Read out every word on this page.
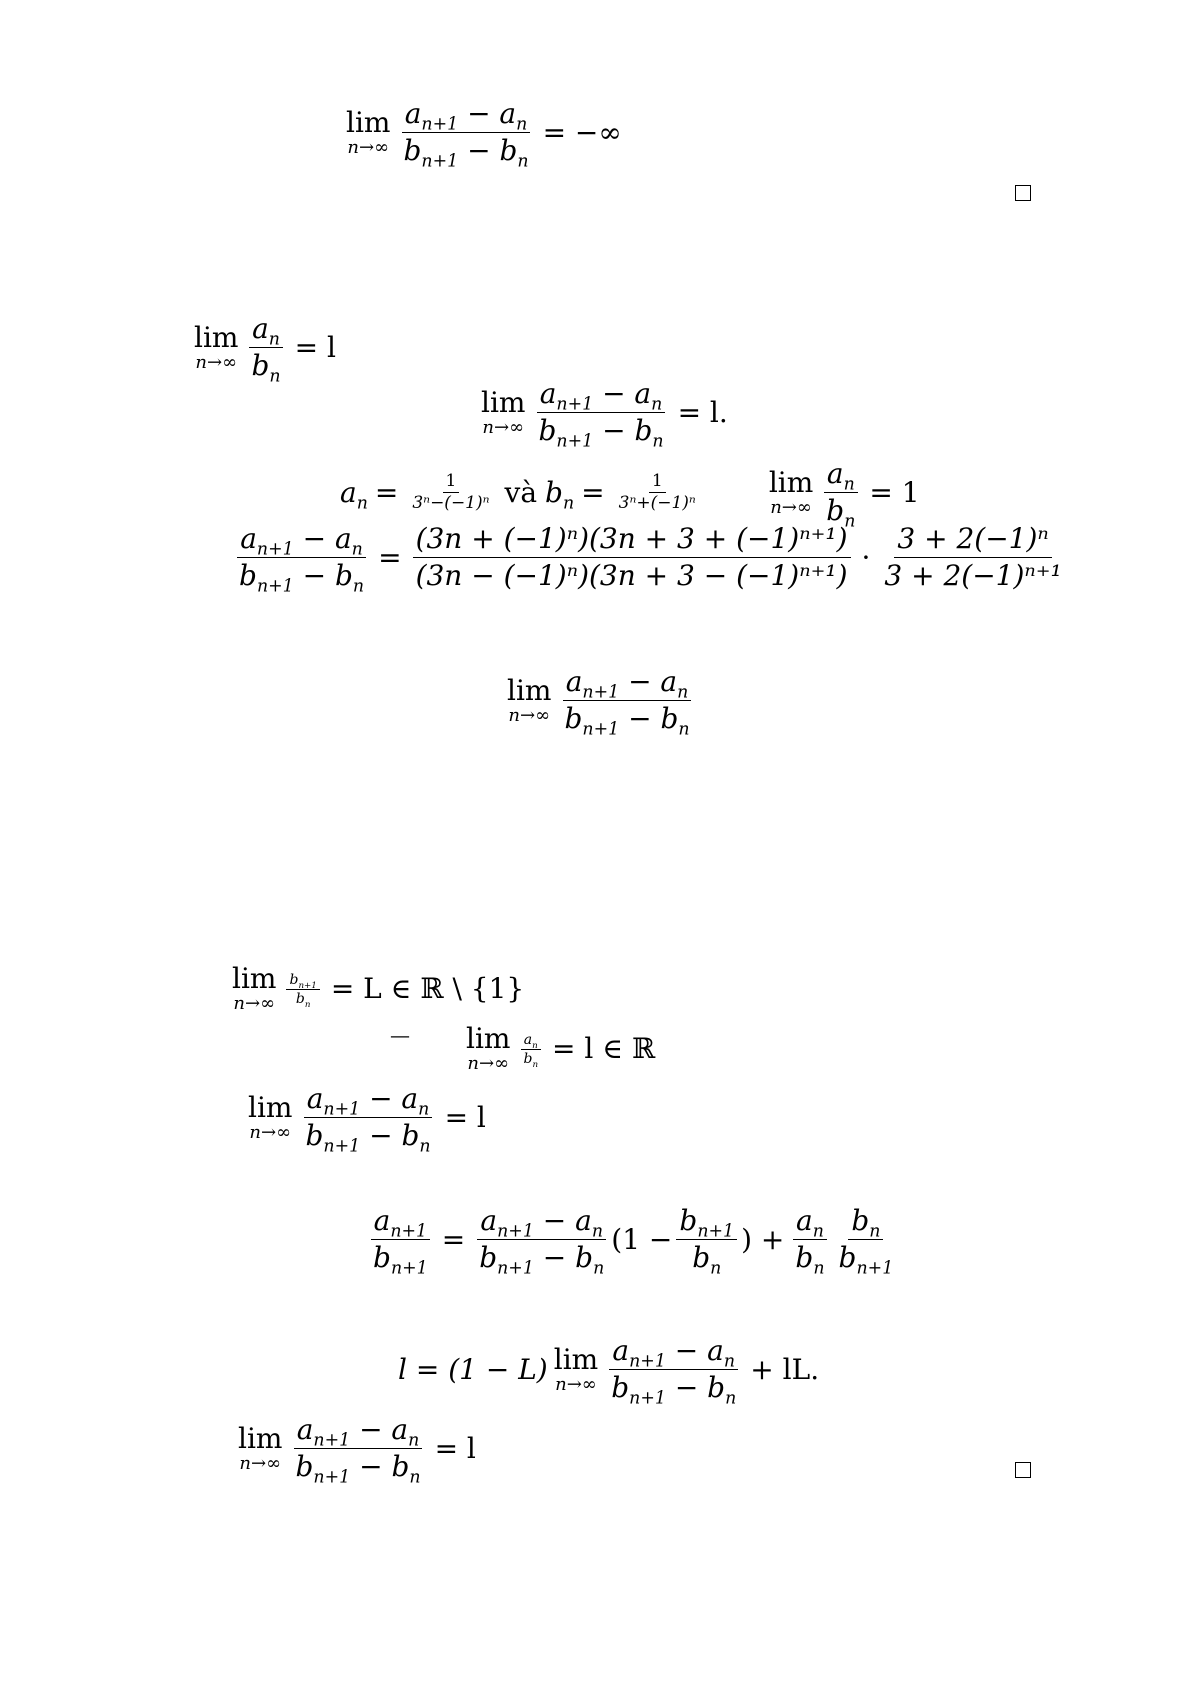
lim
$n\to\infty \frac{a_{n+1} - a_n}{b_{n+1} - b_n}$ = −∞
lim
$n\to\infty \frac{a_n}{b_n} = l$
lim
$n\to\infty \frac{a_{n+1} - a_n}{b_{n+1} - b_n} = l$.
$a_n = \frac{1}{\text{3ⁿ−(−1)ⁿ}}$ và $b_n = \frac{1}{\text{3ⁿ+(−1)ⁿ}}$	lim
$n\to\infty \frac{a_n}{b_n} = 1$
$\frac{a_{n+1} - a_n}{b_{n+1} - b_n} = \frac{\text{(3n + (−1)ⁿ)(3n + 3 + (−1)ⁿ⁺¹)}}{\text{(3n − (−1)ⁿ)(3n + 3 − (−1)ⁿ⁺¹)}} \cdot \frac{\text{3 + 2(−1)ⁿ}}{\text{3 + 2(−1)ⁿ⁺¹}}$
lim
$n\to\infty \frac{a_{n+1} - a_n}{b_{n+1} - b_n}$
lim
$n\to\infty \frac{b_{n+1}}{b_n} = L$ ∈ ℝ \ {1}
— lim
$n\to\infty \frac{a_n}{b_n} = l$ ∈ ℝ
lim
$n\to\infty \frac{a_{n+1} - a_n}{b_{n+1} - b_n} = l$
$\frac{a_{n+1}}{b_{n+1}} = \frac{a_{n+1} - a_n}{b_{n+1} - b_n} (1 - \frac{b_{n+1}}{b_n}$ ) + $\frac{a_n}{b_n} \frac{b_n}{b_{n+1}}$
l = (1 − L) lim
$n\to\infty \frac{a_{n+1} - a_n}{b_{n+1} - b_n}$ + lL.
lim
$n\to\infty \frac{a_{n+1} - a_n}{b_{n+1} - b_n} = l$
